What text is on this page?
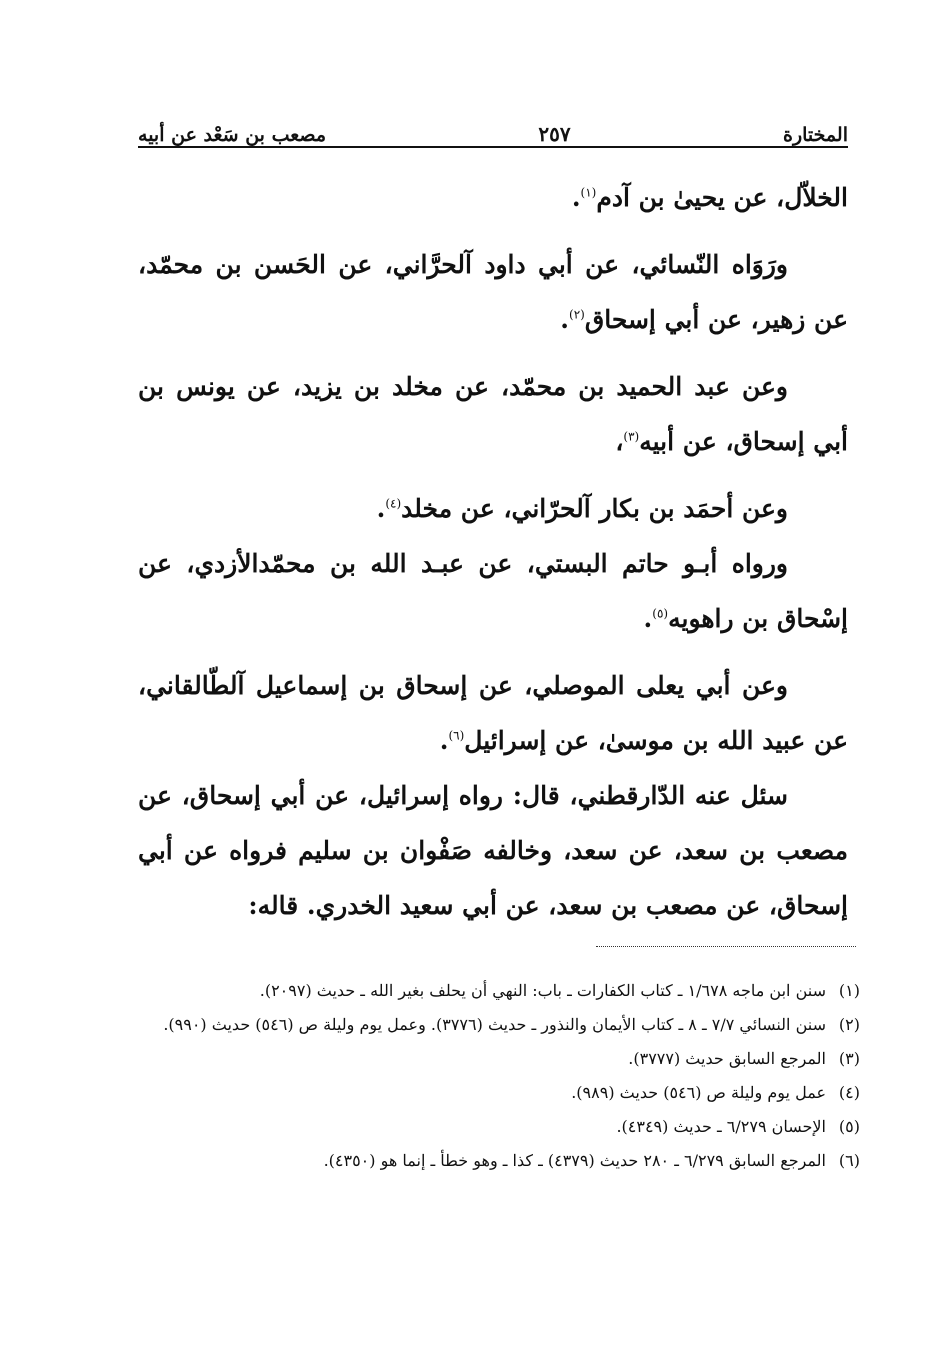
المختارة
٢٥٧
مصعب بن سَعْد عن أبيه

الخلاّل، عن يحيىٰ بن آدم$^{(١)}$.

ورَوَاه النّسائي، عن أبي داود آلحرَّاني، عن الحَسن بن محمّد، عن زهير، عن أبي إسحاق$^{(٢)}$.

وعن عبد الحميد بن محمّد، عن مخلد بن يزيد، عن يونس بن أبي إسحاق، عن أبيه$^{(٣)}$،

وعن أحمَد بن بكار آلحرّاني، عن مخلد$^{(٤)}$.

ورواه أبـو حاتم البستي، عن عبـد الله بن محمّدالأزدي، عن إسْحاق بن راهويه$^{(٥)}$.

وعن أبي يعلى الموصلي، عن إسحاق بن إسماعيل آلطّالقاني، عن عبيد الله بن موسىٰ، عن إسرائيل$^{(٦)}$.

سئل عنه الدّارقطني، قال: رواه إسرائيل، عن أبي إسحاق، عن مصعب بن سعد، عن سعد، وخالفه صَفْوان بن سليم فرواه عن أبي إسحاق، عن مصعب بن سعد، عن أبي سعيد الخدري. قاله:

(١)
سنن ابن ماجه ١/٦٧٨ ـ كتاب الكفارات ـ باب: النهي أن يحلف بغير الله ـ حديث (٢٠٩٧).
(٢)
سنن النسائي ٧/٧ ـ ٨ ـ كتاب الأيمان والنذور ـ حديث (٣٧٧٦). وعمل يوم وليلة ص (٥٤٦) حديث (٩٩٠).
(٣)
المرجع السابق حديث (٣٧٧٧).
(٤)
عمل يوم وليلة ص (٥٤٦) حديث (٩٨٩).
(٥)
الإحسان ٦/٢٧٩ ـ حديث (٤٣٤٩).
(٦)
المرجع السابق ٦/٢٧٩ ـ ٢٨٠ حديث (٤٣٧٩) ـ كذا ـ وهو خطأ ـ إنما هو (٤٣٥٠).
